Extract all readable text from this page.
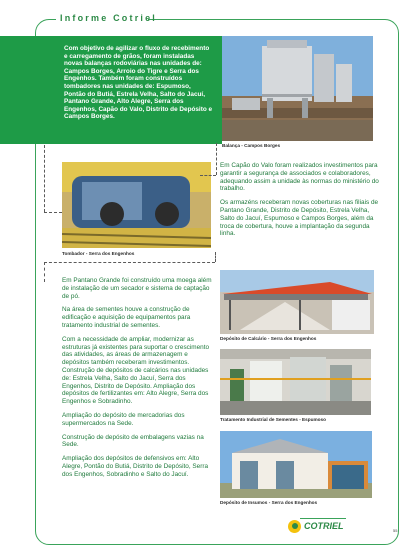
Informe Cotriel

Com objetivo de agilizar o fluxo de recebimento e carregamento de grãos, foram instaladas novas balanças rodoviárias nas unidades de: Campos Borges, Arroio do Tigre e Serra dos Engenhos. Também foram construídos tombadores nas unidades de: Espumoso, Pontão do Butiá, Estrela Velha, Salto do Jacuí, Pantano Grande, Alto Alegre, Serra dos Engenhos, Capão do Valo, Distrito de Depósito e Campos Borges.

Balança - Campos Borges
Tombador - Serra dos Engenhos

Em Capão do Valo foram realizados investimentos para garantir a segurança de associados e colaboradores, adequando assim a unidade às normas do ministério do trabalho.

Os armazéns receberam novas coberturas nas filiais de Pantano Grande, Distrito de Depósito, Estrela Velha, Salto do Jacuí, Espumoso e Campos Borges, além da troca de cobertura, houve a implantação da segunda linha.

Em Pantano Grande foi construído uma moega além de instalação de um secador e sistema de captação de pó.

Na área de sementes houve a construção de edificação e aquisição de equipamentos para tratamento industrial de sementes.

Com a necessidade de ampliar, modernizar as estruturas já existentes para suportar o crescimento das atividades, as áreas de armazenagem e depósitos também receberam investimentos. Construção de depósitos de calcários nas unidades de: Estrela Velha, Salto do Jacuí, Serra dos Engenhos, Distrito de Depósito. Ampliação dos depósitos de fertilizantes em: Alto Alegre, Serra dos Engenhos e Sobradinho.

Ampliação do depósito de mercadorias dos supermercados na Sede.

Construção de depósito de embalagens vazias na Sede.

Ampliação dos depósitos de defensivos em: Alto Alegre, Pontão do Butiá, Distrito de Depósito, Serra dos Engenhos, Sobradinho e Salto do Jacuí.

Depósito de Calcário - Serra dos Engenhos
Tratamento Industrial de Sementes - Espumoso
Depósito de Insumos - Serra dos Engenhos
COTRIEL	55
